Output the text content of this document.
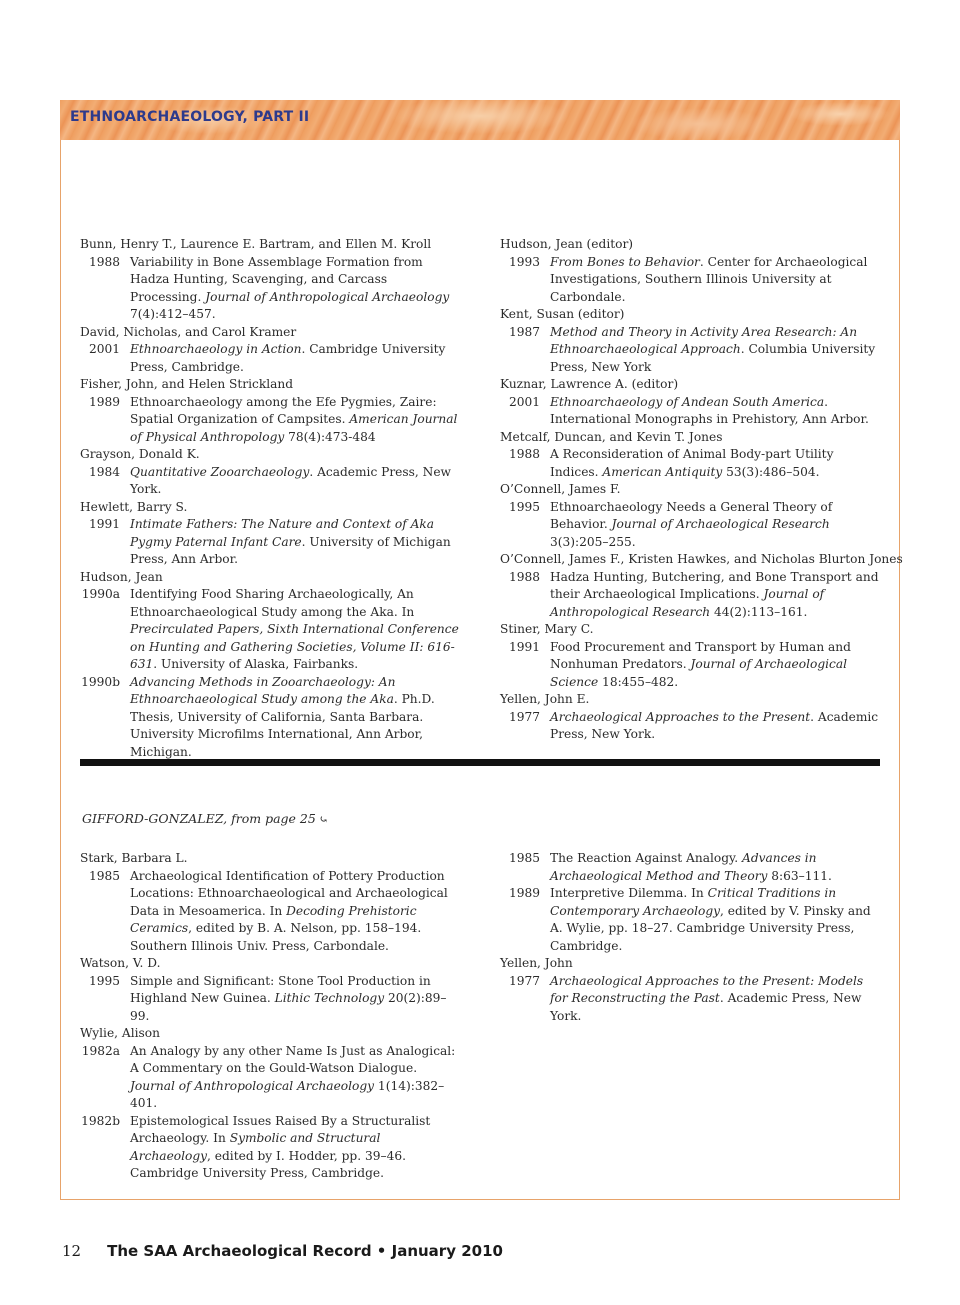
ETHNOARCHAEOLOGY, PART II
Bunn, Henry T., Laurence E. Bartram, and Ellen M. Kroll
1988 Variability in Bone Assemblage Formation from Hadza Hunting, Scavenging, and Carcass Processing. Journal of Anthropological Archaeology 7(4):412–457.
David, Nicholas, and Carol Kramer
2001 Ethnoarchaeology in Action. Cambridge University Press, Cambridge.
Fisher, John, and Helen Strickland
1989 Ethnoarchaeology among the Efe Pygmies, Zaire: Spatial Organization of Campsites. American Journal of Physical Anthropology 78(4):473-484
Grayson, Donald K.
1984 Quantitative Zooarchaeology. Academic Press, New York.
Hewlett, Barry S.
1991 Intimate Fathers: The Nature and Context of Aka Pygmy Paternal Infant Care. University of Michigan Press, Ann Arbor.
Hudson, Jean
1990a Identifying Food Sharing Archaeologically, An Ethnoarchaeological Study among the Aka. In Precirculated Papers, Sixth International Conference on Hunting and Gathering Societies, Volume II: 616-631. University of Alaska, Fairbanks.
1990b Advancing Methods in Zooarchaeology: An Ethnoarchaeological Study among the Aka. Ph.D. Thesis, University of California, Santa Barbara. University Microfilms International, Ann Arbor, Michigan.
Hudson, Jean (editor)
1993 From Bones to Behavior. Center for Archaeological Investigations, Southern Illinois University at Carbondale.
Kent, Susan (editor)
1987 Method and Theory in Activity Area Research: An Ethnoarchaeological Approach. Columbia University Press, New York
Kuznar, Lawrence A. (editor)
2001 Ethnoarchaeology of Andean South America. International Monographs in Prehistory, Ann Arbor.
Metcalf, Duncan, and Kevin T. Jones
1988 A Reconsideration of Animal Body-part Utility Indices. American Antiquity 53(3):486–504.
O’Connell, James F.
1995 Ethnoarchaeology Needs a General Theory of Behavior. Journal of Archaeological Research 3(3):205–255.
O’Connell, James F., Kristen Hawkes, and Nicholas Blurton Jones
1988 Hadza Hunting, Butchering, and Bone Transport and their Archaeological Implications. Journal of Anthropological Research 44(2):113–161.
Stiner, Mary C.
1991 Food Procurement and Transport by Human and Nonhuman Predators. Journal of Archaeological Science 18:455–482.
Yellen, John E.
1977 Archaeological Approaches to the Present. Academic Press, New York.
GIFFORD-GONZALEZ, from page 25 ⤿
Stark, Barbara L.
1985 Archaeological Identification of Pottery Production Locations: Ethnoarchaeological and Archaeological Data in Mesoamerica. In Decoding Prehistoric Ceramics, edited by B. A. Nelson, pp. 158–194. Southern Illinois Univ. Press, Carbondale.
Watson, V. D.
1995 Simple and Significant: Stone Tool Production in Highland New Guinea. Lithic Technology 20(2):89–99.
Wylie, Alison
1982a An Analogy by any other Name Is Just as Analogical: A Commentary on the Gould-Watson Dialogue. Journal of Anthropological Archaeology 1(14):382–401.
1982b Epistemological Issues Raised By a Structuralist Archaeology. In Symbolic and Structural Archaeology, edited by I. Hodder, pp. 39–46. Cambridge University Press, Cambridge.
1985 The Reaction Against Analogy. Advances in Archaeological Method and Theory 8:63–111.
1989 Interpretive Dilemma. In Critical Traditions in Contemporary Archaeology, edited by V. Pinsky and A. Wylie, pp. 18–27. Cambridge University Press, Cambridge.
Yellen, John
1977 Archaeological Approaches to the Present: Models for Reconstructing the Past. Academic Press, New York.
12 The SAA Archaeological Record • January 2010
